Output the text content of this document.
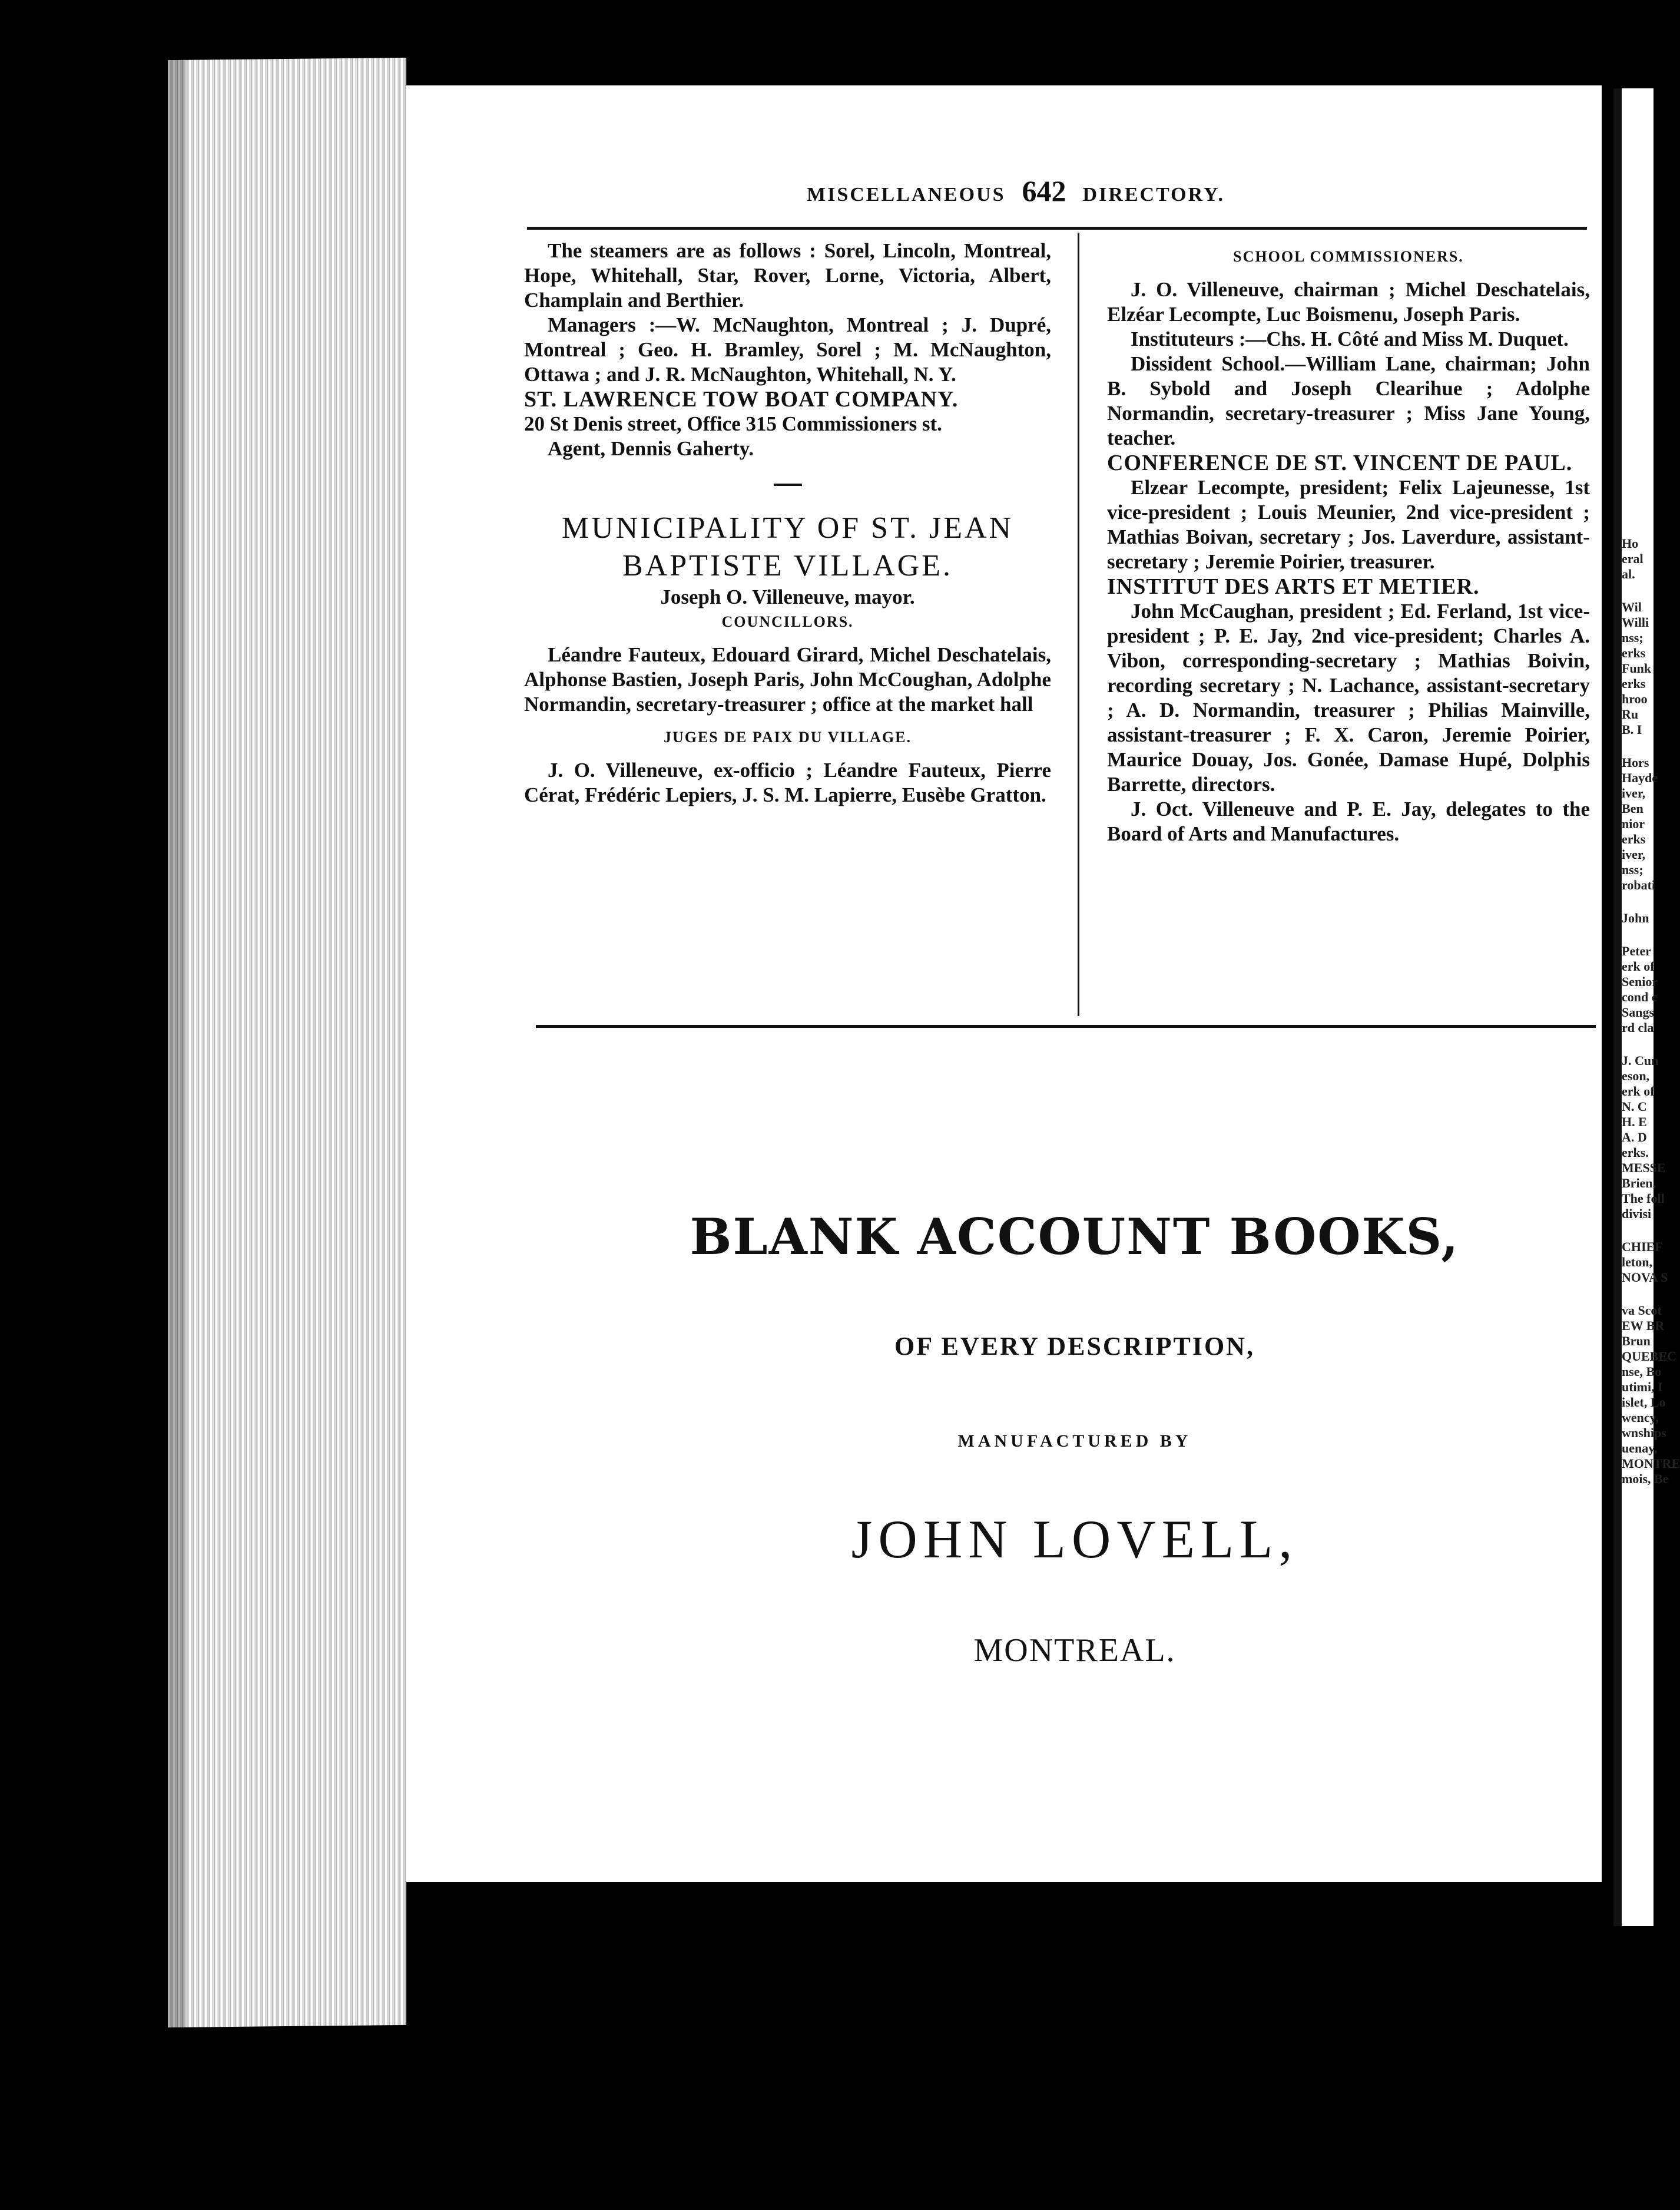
Ho
eral
al.
Wil
Willi
nss;
erks
Funk
erks
hroo
Ru
B. I
Hors
Hayde
iver,
Ben
nior
erks
iver,
nss;
robati
John
Peter
erk of
Senior
cond c
Sangs
rd cla
J. Cun
eson,
erk of
N. C
H. E
A. D
erks.
MESSE
Brien,
The foll
divisi
CHIEF
leton,
NOVA S
va Scot
EW BR
Brun
QUEBEC
nse, Bo
utimi, I
islet, Lo
wency,
wnships
uenay,
MONTRE
mois, Be
MISCELLANEOUS 642 DIRECTORY.

The steamers are as follows : Sorel, Lincoln, Montreal, Hope, Whitehall, Star, Rover, Lorne, Victoria, Albert, Champlain and Berthier.

Managers :—W. McNaughton, Montreal ; J. Dupré, Montreal ; Geo. H. Bramley, Sorel ; M. McNaughton, Ottawa ; and J. R. McNaughton, Whitehall, N. Y.

ST. LAWRENCE TOW BOAT COMPANY.

20 St Denis street, Office 315 Commissioners st.

Agent, Dennis Gaherty.

MUNICIPALITY OF ST. JEAN
BAPTISTE VILLAGE.

Joseph O. Villeneuve, mayor.

COUNCILLORS.

Léandre Fauteux, Edouard Girard, Michel Deschatelais, Alphonse Bastien, Joseph Paris, John McCoughan, Adolphe Normandin, secretary-treasurer ; office at the market hall

JUGES DE PAIX DU VILLAGE.

J. O. Villeneuve, ex-officio ; Léandre Fauteux, Pierre Cérat, Frédéric Lepiers, J. S. M. Lapierre, Eusèbe Gratton.

SCHOOL COMMISSIONERS.

J. O. Villeneuve, chairman ; Michel Deschatelais, Elzéar Lecompte, Luc Boismenu, Joseph Paris.

Instituteurs :—Chs. H. Côté and Miss M. Duquet.

Dissident School.—William Lane, chairman; John B. Sybold and Joseph Clearihue ; Adolphe Normandin, secretary-treasurer ; Miss Jane Young, teacher.

CONFERENCE DE ST. VINCENT DE PAUL.

Elzear Lecompte, president; Felix Lajeunesse, 1st vice-president ; Louis Meunier, 2nd vice-president ; Mathias Boivan, secretary ; Jos. Laverdure, assistant-secretary ; Jeremie Poirier, treasurer.

INSTITUT DES ARTS ET METIER.

John McCaughan, president ; Ed. Ferland, 1st vice-president ; P. E. Jay, 2nd vice-president; Charles A. Vibon, corresponding-secretary ; Mathias Boivin, recording secretary ; N. Lachance, assistant-secretary ; A. D. Normandin, treasurer ; Philias Mainville, assistant-treasurer ; F. X. Caron, Jeremie Poirier, Maurice Douay, Jos. Gonée, Damase Hupé, Dolphis Barrette, directors.

J. Oct. Villeneuve and P. E. Jay, delegates to the Board of Arts and Manufactures.

BLANK ACCOUNT BOOKS,
OF EVERY DESCRIPTION,
MANUFACTURED BY
JOHN LOVELL,
MONTREAL.
